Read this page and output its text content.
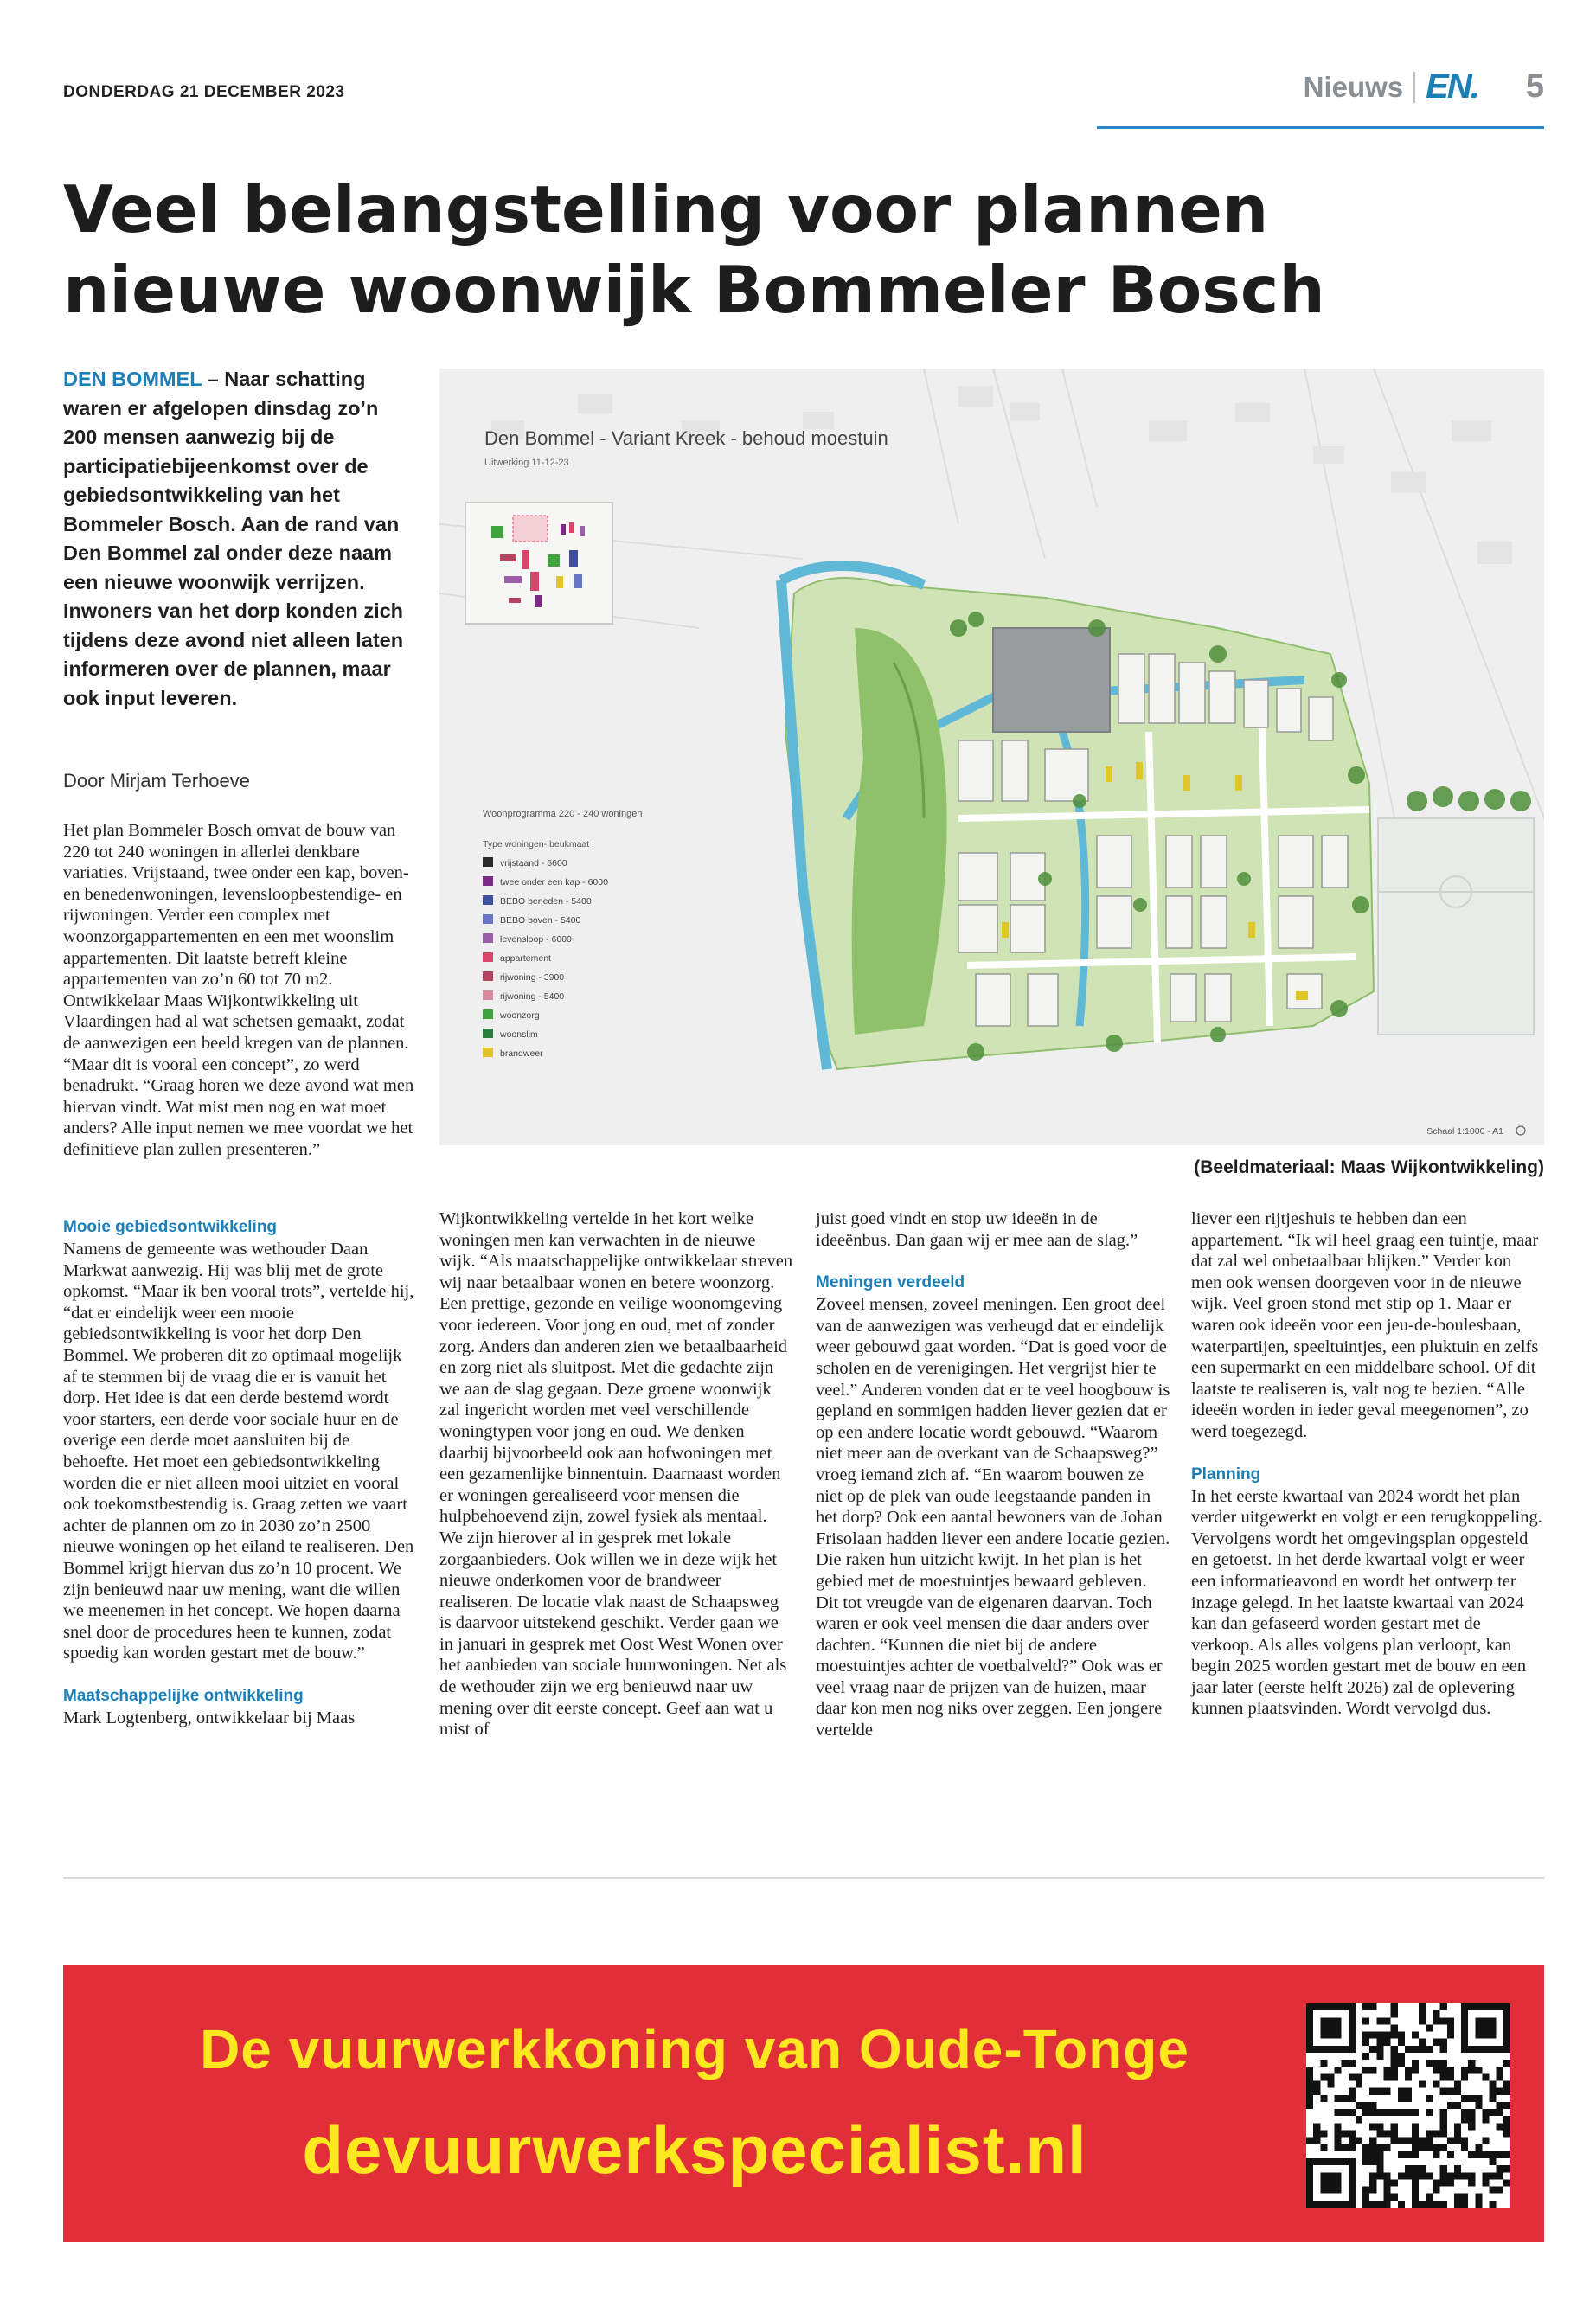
DONDERDAG 21 DECEMBER 2023	Nieuws EN. 5
Veel belangstelling voor plannen nieuwe woonwijk Bommeler Bosch
DEN BOMMEL – Naar schatting waren er afgelopen dinsdag zo’n 200 mensen aanwezig bij de participatiebijeenkomst over de gebiedsontwikkeling van het Bommeler Bosch. Aan de rand van Den Bommel zal onder deze naam een nieuwe woonwijk verrijzen. Inwoners van het dorp konden zich tijdens deze avond niet alleen laten informeren over de plannen, maar ook input leveren.
Door Mirjam Terhoeve

Het plan Bommeler Bosch omvat de bouw van 220 tot 240 woningen in allerlei denkbare variaties. Vrijstaand, twee onder een kap, boven- en benedenwoningen, levensloopbestendige- en rijwoningen. Verder een complex met woonzorgappartementen en een met woonslim appartementen. Dit laatste betreft kleine appartementen van zo’n 60 tot 70 m2. Ontwikkelaar Maas Wijkontwikkeling uit Vlaardingen had al wat schetsen gemaakt, zodat de aanwezigen een beeld kregen van de plannen. “Maar dit is vooral een concept”, zo werd benadrukt. “Graag horen we deze avond wat men hiervan vindt. Wat mist men nog en wat moet anders? Alle input nemen we mee voordat we het definitieve plan zullen presenteren.”

Mooie gebiedsontwikkeling

Namens de gemeente was wethouder Daan Markwat aanwezig. Hij was blij met de grote opkomst. “Maar ik ben vooral trots”, vertelde hij, “dat er eindelijk weer een mooie gebiedsontwikkeling is voor het dorp Den Bommel. We proberen dit zo optimaal mogelijk af te stemmen bij de vraag die er is vanuit het dorp. Het idee is dat een derde bestemd wordt voor starters, een derde voor sociale huur en de overige een derde moet aansluiten bij de behoefte. Het moet een gebiedsontwikkeling worden die er niet alleen mooi uitziet en vooral ook toekomstbestendig is. Graag zetten we vaart achter de plannen om zo in 2030 zo’n 2500 nieuwe woningen op het eiland te realiseren. Den Bommel krijgt hiervan dus zo’n 10 procent. We zijn benieuwd naar uw mening, want die willen we meenemen in het concept. We hopen daarna snel door de procedures heen te kunnen, zodat spoedig kan worden gestart met de bouw.”

Maatschappelijke ontwikkeling

Mark Logtenberg, ontwikkelaar bij Maas

Wijkontwikkeling vertelde in het kort welke woningen men kan verwachten in de nieuwe wijk. “Als maatschappelijke ontwikkelaar streven wij naar betaalbaar wonen en betere woonzorg. Een prettige, gezonde en veilige woonomgeving voor iedereen. Voor jong en oud, met of zonder zorg. Anders dan anderen zien we betaalbaarheid en zorg niet als sluitpost. Met die gedachte zijn we aan de slag gegaan. Deze groene woonwijk zal ingericht worden met veel verschillende woningtypen voor jong en oud. We denken daarbij bijvoorbeeld ook aan hofwoningen met een gezamenlijke binnentuin. Daarnaast worden er woningen gerealiseerd voor mensen die hulpbehoevend zijn, zowel fysiek als mentaal. We zijn hierover al in gesprek met lokale zorgaanbieders. Ook willen we in deze wijk het nieuwe onderkomen voor de brandweer realiseren. De locatie vlak naast de Schaapsweg is daarvoor uitstekend geschikt. Verder gaan we in januari in gesprek met Oost West Wonen over het aanbieden van sociale huurwoningen. Net als de wethouder zijn we erg benieuwd naar uw mening over dit eerste concept. Geef aan wat u mist of

juist goed vindt en stop uw ideeën in de ideeënbus. Dan gaan wij er mee aan de slag.”

Meningen verdeeld

Zoveel mensen, zoveel meningen. Een groot deel van de aanwezigen was verheugd dat er eindelijk weer gebouwd gaat worden. “Dat is goed voor de scholen en de verenigingen. Het vergrijst hier te veel.” Anderen vonden dat er te veel hoogbouw is gepland en sommigen hadden liever gezien dat er op een andere locatie wordt gebouwd. “Waarom niet meer aan de overkant van de Schaapsweg?” vroeg iemand zich af. “En waarom bouwen ze niet op de plek van oude leegstaande panden in het dorp? Ook een aantal bewoners van de Johan Frisolaan hadden liever een andere locatie gezien. Die raken hun uitzicht kwijt. In het plan is het gebied met de moestuintjes bewaard gebleven. Dit tot vreugde van de eigenaren daarvan. Toch waren er ook veel mensen die daar anders over dachten. “Kunnen die niet bij de andere moestuintjes achter de voetbalveld?” Ook was er veel vraag naar de prijzen van de huizen, maar daar kon men nog niks over zeggen. Een jongere vertelde

liever een rijtjeshuis te hebben dan een appartement. “Ik wil heel graag een tuintje, maar dat zal wel onbetaalbaar blijken.” Verder kon men ook wensen doorgeven voor in de nieuwe wijk. Veel groen stond met stip op 1. Maar er waren ook ideeën voor een jeu-de-boulesbaan, waterpartijen, speeltuintjes, een pluktuin en zelfs een supermarkt en een middelbare school. Of dit laatste te realiseren is, valt nog te bezien. “Alle ideeën worden in ieder geval meegenomen”, zo werd toegezegd.

Planning

In het eerste kwartaal van 2024 wordt het plan verder uitgewerkt en volgt er een terugkoppeling. Vervolgens wordt het omgevingsplan opgesteld en getoetst. In het derde kwartaal volgt er weer een informatieavond en wordt het ontwerp ter inzage gelegd. In het laatste kwartaal van 2024 kan dan gefaseerd worden gestart met de verkoop. Als alles volgens plan verloopt, kan begin 2025 worden gestart met de bouw en een jaar later (eerste helft 2026) zal de oplevering kunnen plaatsvinden. Wordt vervolgd dus.

Den Bommel - Variant Kreek - behoud moestuin
Uitwerking 11-12-23
Woonprogramma 220 - 240 woningen
Type woningen- beukmaat :
vrijstaand - 6600
twee onder een kap - 6000
BEBO beneden - 5400
BEBO boven - 5400
levensloop - 6000
appartement
rijwoning - 3900
rijwoning - 5400
woonzorg
woonslim
brandweer
Schaal 1:1000 - A1
(Beeldmateriaal: Maas Wijkontwikkeling)
De vuurwerkkoning van Oude-Tonge
devuurwerkspecialist.nl
